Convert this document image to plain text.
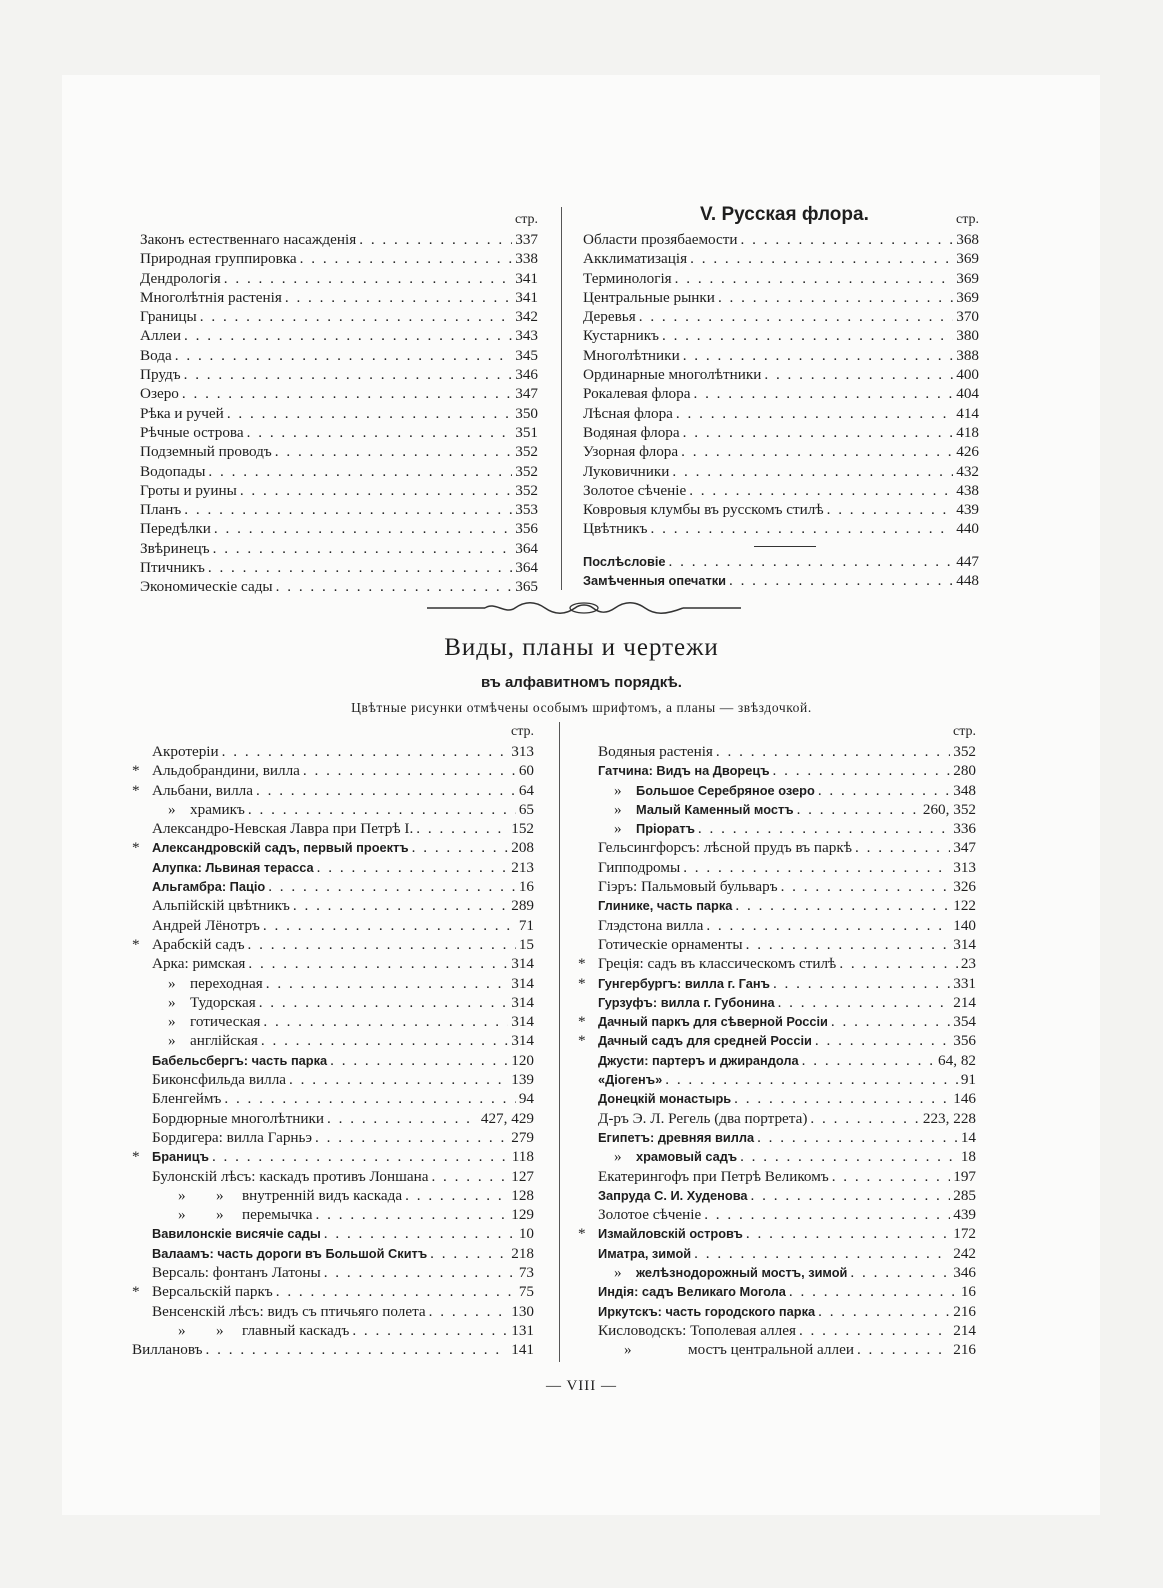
стр.
Законъ естественнаго насажденія . . .	337
Природная группировка . . .	338
Дендрологія . . .	341
Многолѣтнія растенія . . .	341
Границы . . .	342
Аллеи . . .	343
Вода . . .	345
Прудъ . . .	346
Озеро . . .	347
Рѣка и ручей . . .	350
Рѣчные острова . . .	351
Подземный проводъ . . .	352
Водопады . . .	352
Гроты и руины . . .	352
Планъ . . .	353
Передѣлки . . .	356
Звѣринецъ . . .	364
Птичникъ . . .	364
Экономическіе сады . . .	365
V. Русская флора.	стр.
Области прозябаемости . . .	368
Акклиматизація . . .	369
Терминологія . . .	369
Центральные рынки . . .	369
Деревья . . .	370
Кустарникъ . . .	380
Многолѣтники . . .	388
Ординарные многолѣтники . . .	400
Рокалевая флора . . .	404
Лѣсная флора . . .	414
Водяная флора . . .	418
Узорная флора . . .	426
Луковичники . . .	432
Золотое сѣченіе . . .	438
Ковровыя клумбы въ русскомъ стилѣ . . .	439
Цвѣтникъ . . .	440
Послѣсловіе . . .	447
Замѣченныя опечатки . . .	448
Виды, планы и чертежи
въ алфавитномъ порядкѣ.
Цвѣтные рисунки отмѣчены особымъ шрифтомъ, а планы — звѣздочкой.
стр.
Акротеріи . . .	313
* Альдобрандини, вилла . . .	60
* Альбани, вилла . . .	64
» храмикъ . . .	65
Александро-Невская Лавра при Петрѣ I. . . .	152
* Александровскій садъ, первый проектъ . . .	208
Алупка: Львиная терасса . . .	213
Альгамбра: Паціо . . .	16
Альпійскій цвѣтникъ . . .	289
Андрей Лёнотръ . . .	71
* Арабскій садъ . . .	15
Арка: римская . . .	314
» переходная . . .	314
» Тудорская . . .	314
» готическая . . .	314
» англійская . . .	314
Бабельсбергъ: часть парка . . .	120
Биконсфильда вилла . . .	139
Бленгеймъ . . .	94
Бордюрные многолѣтники . . .	427, 429
Бордигера: вилла Гарньэ . . .	279
* Браницъ . . .	118
Булонскій лѣсъ: каскадъ противъ Лоншана . . .	127
»        »	внутренній видъ каскада . . .	128
»        »	перемычка . . .	129
Вавилонскіе висячіе сады . . .	10
Валаамъ: часть дороги въ Большой Скитъ . . .	218
Версаль: фонтанъ Латоны . . .	73
* Версальскій паркъ . . .	75
Венсенскій лѣсъ: видъ съ птичьяго полета . . .	130
»        »	главный каскадъ . . .	131
Виллановъ . . .	141
стр.
Водяныя растенія . . .	352
Гатчина: Видъ на Дворецъ . . .	280
»	Большое Серебряное озеро . . .	348
»	Малый Каменный мостъ . . .	260, 352
»	Пріоратъ . . .	336
Гельсингфорсъ: лѣсной прудъ въ паркѣ . . .	347
Гипподромы . . .	313
Гіэръ: Пальмовый бульваръ . . .	326
Глинике, часть парка . . .	122
Глэдстона вилла . . .	140
Готическіе орнаменты . . .	314
* Греція: садъ въ классическомъ стилѣ . . .	23
* Гунгербургъ: вилла г. Ганъ . . .	331
Гурзуфъ: вилла г. Губонина . . .	214
* Дачный паркъ для сѣверной Россіи . . .	354
* Дачный садъ для средней Россіи . . .	356
Джусти: партеръ и джирандола . . .	64, 82
«Діогенъ» . . .	91
Донецкій монастырь . . .	146
Д-ръ Э. Л. Регель (два портрета) . . .	223, 228
Египетъ: древняя вилла . . .	14
»	храмовый садъ . . .	18
Екатерингофъ при Петрѣ Великомъ . . .	197
Запруда С. И. Худенова . . .	285
Золотое сѣченіе . . .	439
* Измайловскій островъ . . .	172
Иматра, зимой . . .	242
»	желѣзнодорожный мостъ, зимой . . .	346
Индія: садъ Великаго Могола . . .	16
Иркутскъ: часть городского парка . . .	216
Кисловодскъ: Тополевая аллея . . .	214
»	мостъ центральной аллеи . . .	216
— VIII —
